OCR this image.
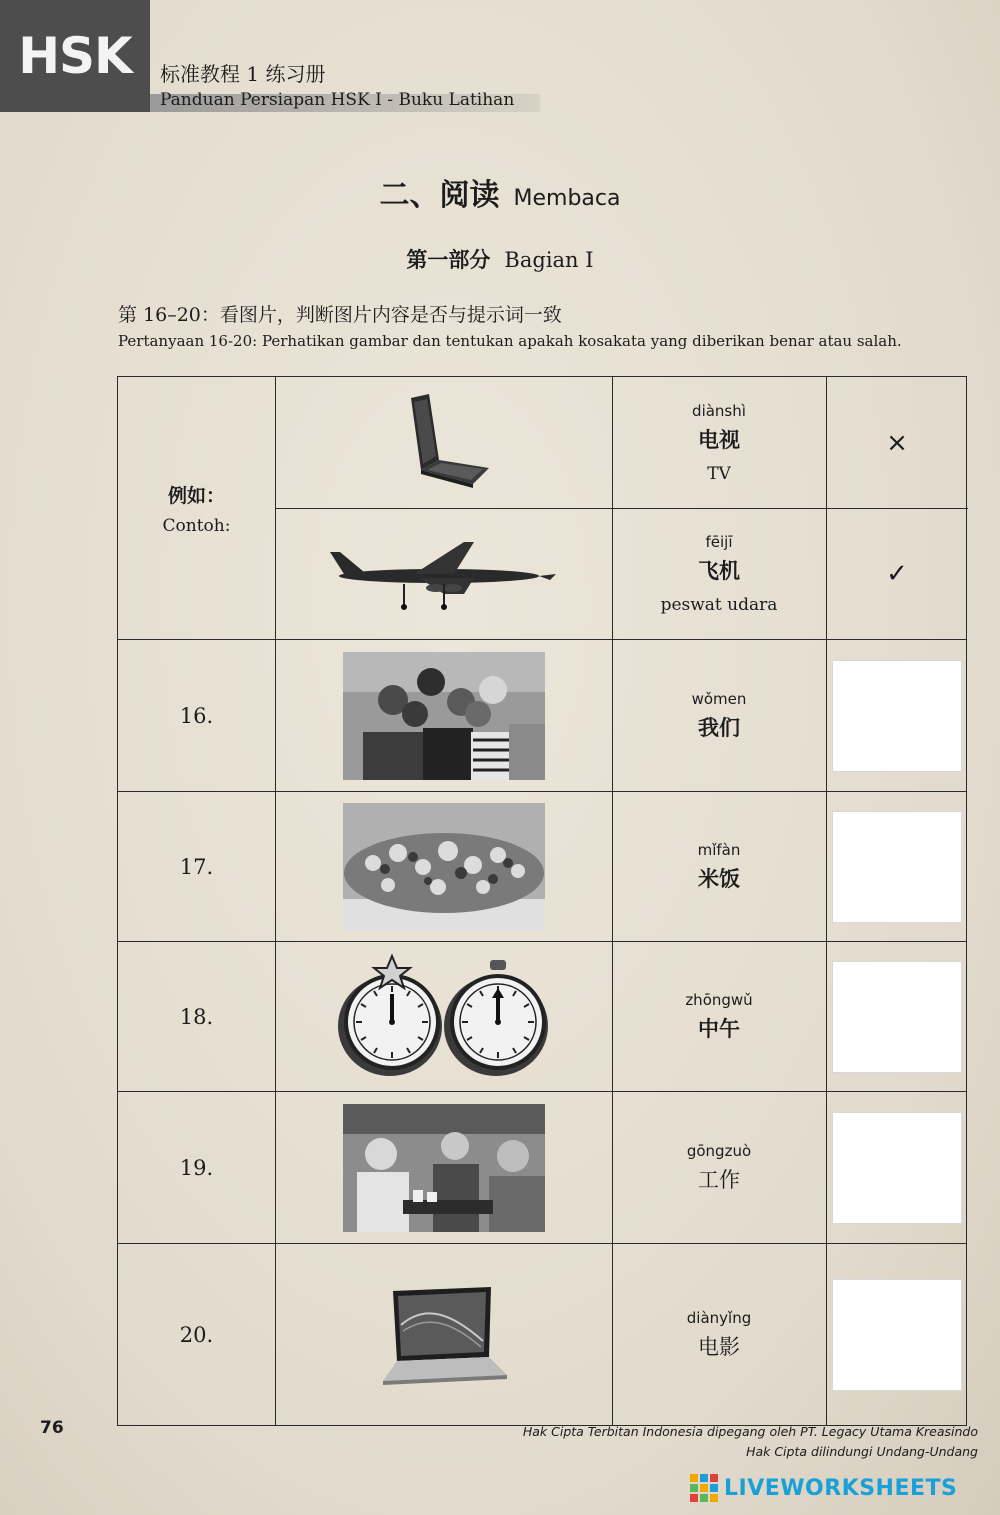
HSK	标准教程 1 练习册
Panduan Persiapan HSK I - Buku Latihan
二、阅读 Membaca
第一部分 Bagian Ⅰ
第 16–20：看图片，判断图片内容是否与提示词一致
Pertanyaan 16-20: Perhatikan gambar dan tentukan apakah kosakata yang diberikan benar atau salah.
例如：
Contoh:
diànshì
电视
TV
×
fēijī
飞机
peswat udara
✓
16.
wǒmen
我们
17.
mǐfàn
米饭
18.
zhōngwǔ
中午
19.
gōngzuò
工作
20.
diànyǐng
电影
76	Hak Cipta Terbitan Indonesia dipegang oleh PT. Legacy Utama Kreasindo
Hak Cipta dilindungi Undang-Undang
LIVEWORKSHEETS
